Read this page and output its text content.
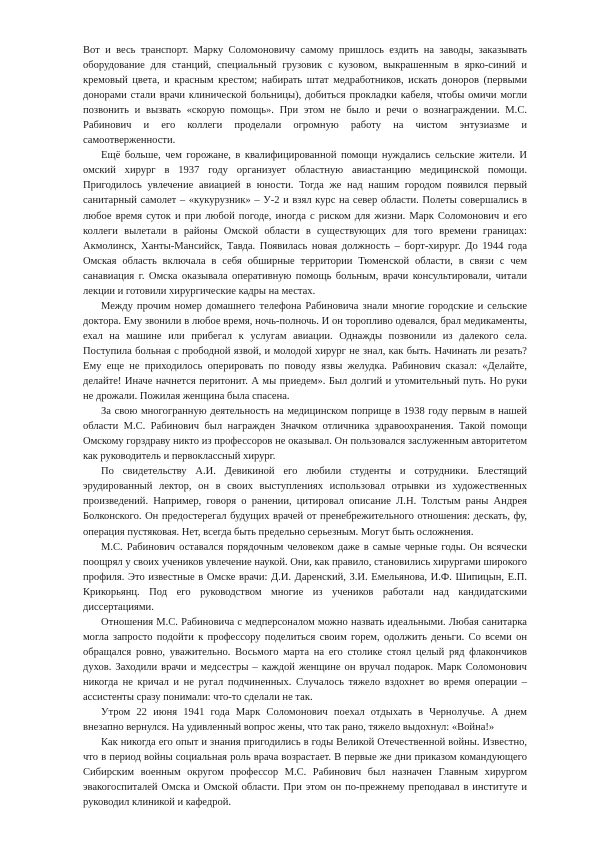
Вот и весь транспорт. Марку Соломоновичу самому пришлось ездить на заводы, заказывать оборудование для станций, специальный грузовик с кузовом, выкрашенным в ярко-синий и кремовый цвета, и красным крестом; набирать штат медработников, искать доноров (первыми донорами стали врачи клинической больницы), добиться прокладки кабеля, чтобы омичи могли позвонить и вызвать «скорую помощь». При этом не было и речи о вознаграждении. М.С. Рабинович и его коллеги проделали огромную работу на чистом энтузиазме и самоотверженности.

Ещё больше, чем горожане, в квалифицированной помощи нуждались сельские жители. И омский хирург в 1937 году организует областную авиастанцию медицинской помощи. Пригодилось увлечение авиацией в юности. Тогда же над нашим городом появился первый санитарный самолет – «кукурузник» – У-2 и взял курс на север области. Полеты совершались в любое время суток и при любой погоде, иногда с риском для жизни. Марк Соломонович и его коллеги вылетали в районы Омской области в существующих для того времени границах: Акмолинск, Ханты-Мансийск, Тавда. Появилась новая должность – борт-хирург. До 1944 года Омская область включала в себя обширные территории Тюменской области, в связи с чем санавиация г. Омска оказывала оперативную помощь больным, врачи консультировали, читали лекции и готовили хирургические кадры на местах.

Между прочим номер домашнего телефона Рабиновича знали многие городские и сельские доктора. Ему звонили в любое время, ночь-полночь. И он торопливо одевался, брал медикаменты, ехал на машине или прибегал к услугам авиации. Однажды позвонили из далекого села. Поступила больная с прободной язвой, и молодой хирург не знал, как быть. Начинать ли резать? Ему еще не приходилось оперировать по поводу язвы желудка. Рабинович сказал: «Делайте, делайте! Иначе начнется перитонит. А мы приедем». Был долгий и утомительный путь. Но руки не дрожали. Пожилая женщина была спасена.

За свою многогранную деятельность на медицинском поприще в 1938 году первым в нашей области М.С. Рабинович был награжден Значком отличника здравоохранения. Такой помощи Омскому горздраву никто из профессоров не оказывал. Он пользовался заслуженным авторитетом как руководитель и первоклассный хирург.

По свидетельству А.И. Девикиной его любили студенты и сотрудники. Блестящий эрудированный лектор, он в своих выступлениях использовал отрывки из художественных произведений. Например, говоря о ранении, цитировал описание Л.Н. Толстым раны Андрея Болконского. Он предостерегал будущих врачей от пренебрежительного отношения: дескать, фу, операция пустяковая. Нет, всегда быть предельно серьезным. Могут быть осложнения.

М.С. Рабинович оставался порядочным человеком даже в самые черные годы. Он всячески поощрял у своих учеников увлечение наукой. Они, как правило, становились хирургами широкого профиля. Это известные в Омске врачи: Д.И. Даренский, З.И. Емельянова, И.Ф. Шипицын, Е.П. Крикорьянц. Под его руководством многие из учеников работали над кандидатскими диссертациями.

Отношения М.С. Рабиновича с медперсоналом можно назвать идеальными. Любая санитарка могла запросто подойти к профессору поделиться своим горем, одолжить деньги. Со всеми он обращался ровно, уважительно. Восьмого марта на его столике стоял целый ряд флакончиков духов. Заходили врачи и медсестры – каждой женщине он вручал подарок. Марк Соломонович никогда не кричал и не ругал подчиненных. Случалось тяжело вздохнет во время операции – ассистенты сразу понимали: что-то сделали не так.

Утром 22 июня 1941 года Марк Соломонович поехал отдыхать в Чернолучье. А днем внезапно вернулся. На удивленный вопрос жены, что так рано, тяжело выдохнул: «Война!»

Как никогда его опыт и знания пригодились в годы Великой Отечественной войны. Известно, что в период войны социальная роль врача возрастает. В первые же дни приказом командующего Сибирским военным округом профессор М.С. Рабинович был назначен Главным хирургом эвакогоспиталей Омска и Омской области. При этом он по-прежнему преподавал в институте и руководил клиникой и кафедрой.
